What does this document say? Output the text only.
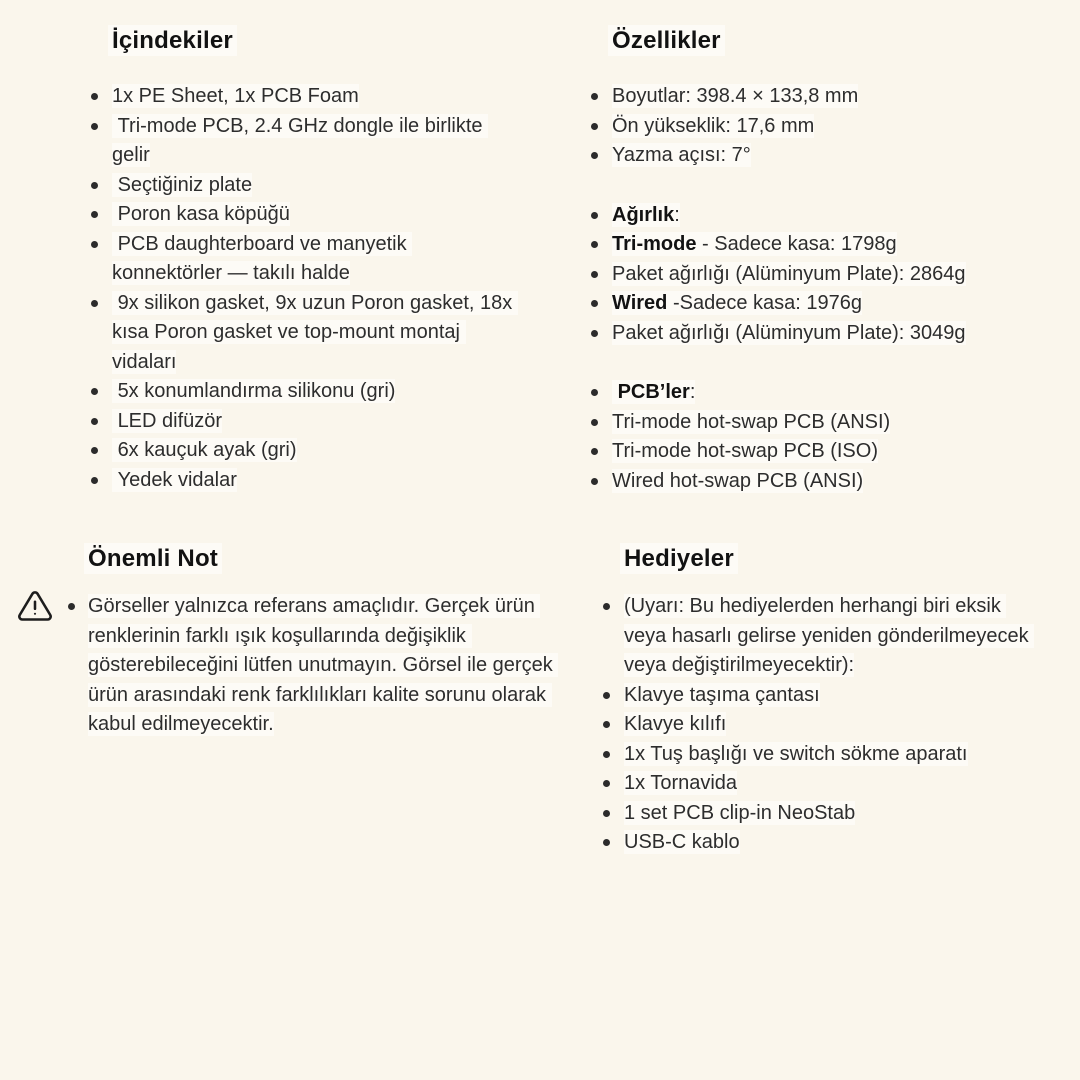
İçindekiler
1x PE Sheet, 1x PCB Foam
Tri-mode PCB, 2.4 GHz dongle ile birlikte gelir
Seçtiğiniz plate
Poron kasa köpüğü
PCB daughterboard ve manyetik konnektörler — takılı halde
9x silikon gasket, 9x uzun Poron gasket, 18x kısa Poron gasket ve top-mount montaj vidaları
5x konumlandırma silikonu (gri)
LED difüzör
6x kauçuk ayak (gri)
Yedek vidalar
Özellikler
Boyutlar: 398.4 × 133,8 mm
Ön yükseklik: 17,6 mm
Yazma açısı: 7°
Ağırlık:
Tri-mode - Sadece kasa: 1798g
Paket ağırlığı (Alüminyum Plate): 2864g
Wired -Sadece kasa: 1976g
Paket ağırlığı (Alüminyum Plate): 3049g
PCB’ler:
Tri-mode hot-swap PCB (ANSI)
Tri-mode hot-swap PCB (ISO)
Wired hot-swap PCB (ANSI)
Önemli Not
Görseller yalnızca referans amaçlıdır. Gerçek ürün renklerinin farklı ışık koşullarında değişiklik gösterebileceğini lütfen unutmayın. Görsel ile gerçek ürün arasındaki renk farklılıkları kalite sorunu olarak kabul edilmeyecektir.
Hediyeler
(Uyarı: Bu hediyelerden herhangi biri eksik veya hasarlı gelirse yeniden gönderilmeyecek veya değiştirilmeyecektir):
Klavye taşıma çantası
Klavye kılıfı
1x Tuş başlığı ve switch sökme aparatı
1x Tornavida
1 set PCB clip-in NeoStab
USB-C kablo
